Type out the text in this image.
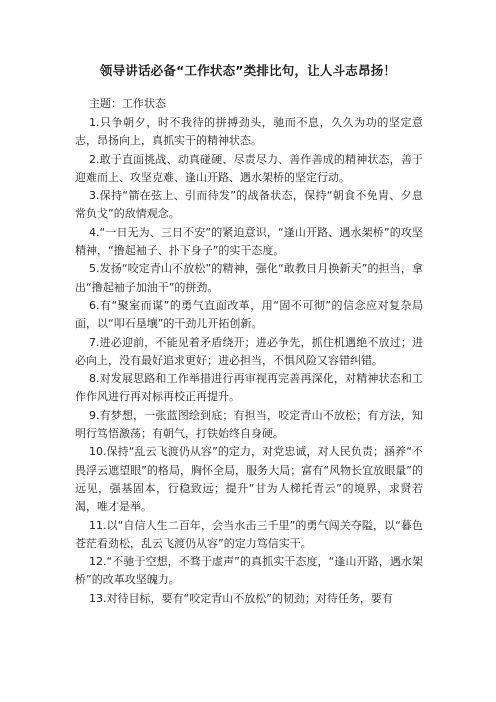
领导讲话必备“工作状态”类排比句，让人斗志昂扬！
主题：工作状态

1.只争朝夕，时不我待的拼搏劲头，驰而不息，久久为功的坚定意志，昂扬向上，真抓实干的精神状态。

2.敢于直面挑战、动真碰硬、尽责尽力、善作善成的精神状态，善于迎难而上、攻坚克难、逢山开路、遇水架桥的坚定行动。

3.保持“箭在弦上、引而待发”的战备状态，保持“朝食不免胄、夕息常负戈”的敌情观念。

4.“一日无为、三日不安”的紧迫意识，“逢山开路、遇水架桥”的攻坚精神，“撸起袖子、扑下身子”的实干态度。

5.发扬“咬定青山不放松”的精神，强化“敢教日月换新天”的担当，拿出“撸起袖子加油干”的拼劲。

6.有“聚室而谋”的勇气直面改革，用“固不可彻”的信念应对复杂局面，以“叩石垦壤”的干劲儿开拓创新。

7.进必迎前，不能见着矛盾绕开；进必争先，抓住机遇绝不放过；进必向上，没有最好追求更好；进必担当，不惧风险又容错纠错。

8.对发展思路和工作举措进行再审视再完善再深化，对精神状态和工作作风进行再对标再校正再提升。

9.有梦想，一张蓝图绘到底；有担当，咬定青山不放松；有方法，知明行笃悟激荡；有朝气，打铁始终自身硬。

10.保持“乱云飞渡仍从容”的定力，对党忠诚，对人民负责；涵养“不畏浮云遮望眼”的格局，胸怀全局，服务大局；富有“风物长宜放眼量”的远见，强基固本，行稳致远；提升“甘为人梯托青云”的境界，求贤若渴，唯才是举。

11.以“自信人生二百年，会当水击三千里”的勇气闯关夺隘，以“暮色苍茫看劲松，乱云飞渡仍从容”的定力笃信实干。

12.“不驰于空想，不骛于虚声”的真抓实干态度，“逢山开路，遇水架桥”的改革攻坚魄力。

13.对待目标，要有“咬定青山不放松”的韧劲；对待任务，要有
